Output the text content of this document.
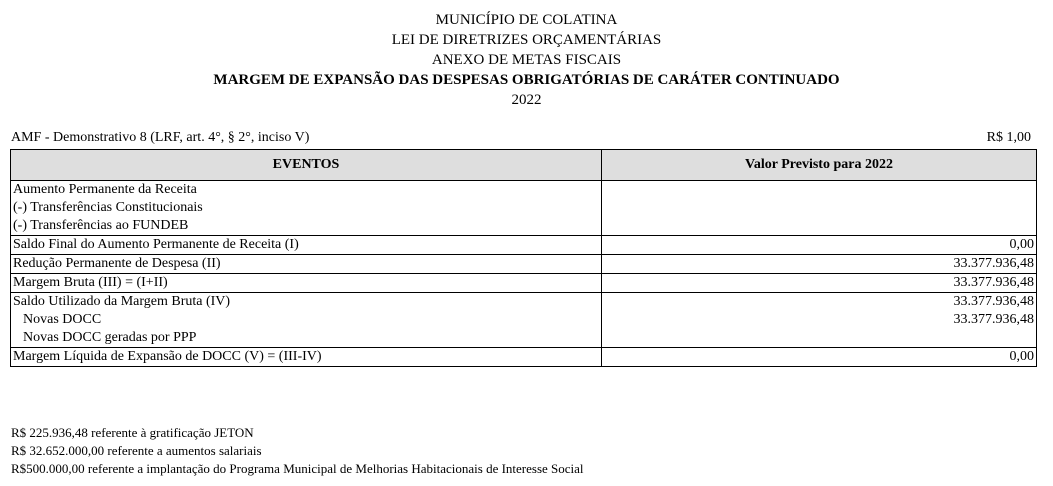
MUNICÍPIO DE COLATINA
LEI DE DIRETRIZES ORÇAMENTÁRIAS
ANEXO DE METAS FISCAIS
MARGEM DE EXPANSÃO DAS DESPESAS OBRIGATÓRIAS DE CARÁTER CONTINUADO
2022
AMF - Demonstrativo 8 (LRF, art. 4°, § 2°, inciso V)	R$ 1,00
EVENTOS	Valor Previsto para 2022
Aumento Permanente da Receita	
(-) Transferências Constitucionais	
(-) Transferências ao FUNDEB	
Saldo Final do Aumento Permanente de Receita (I)	0,00
Redução Permanente de Despesa (II)	33.377.936,48
Margem Bruta (III) = (I+II)	33.377.936,48
Saldo Utilizado da Margem Bruta (IV)	33.377.936,48
Novas DOCC	33.377.936,48
Novas DOCC geradas por PPP	
Margem Líquida de Expansão de DOCC (V) = (III-IV)	0,00
R$ 225.936,48 referente à gratificação JETON
R$ 32.652.000,00 referente a aumentos salariais
R$500.000,00 referente a implantação do Programa Municipal de Melhorias Habitacionais de Interesse Social
